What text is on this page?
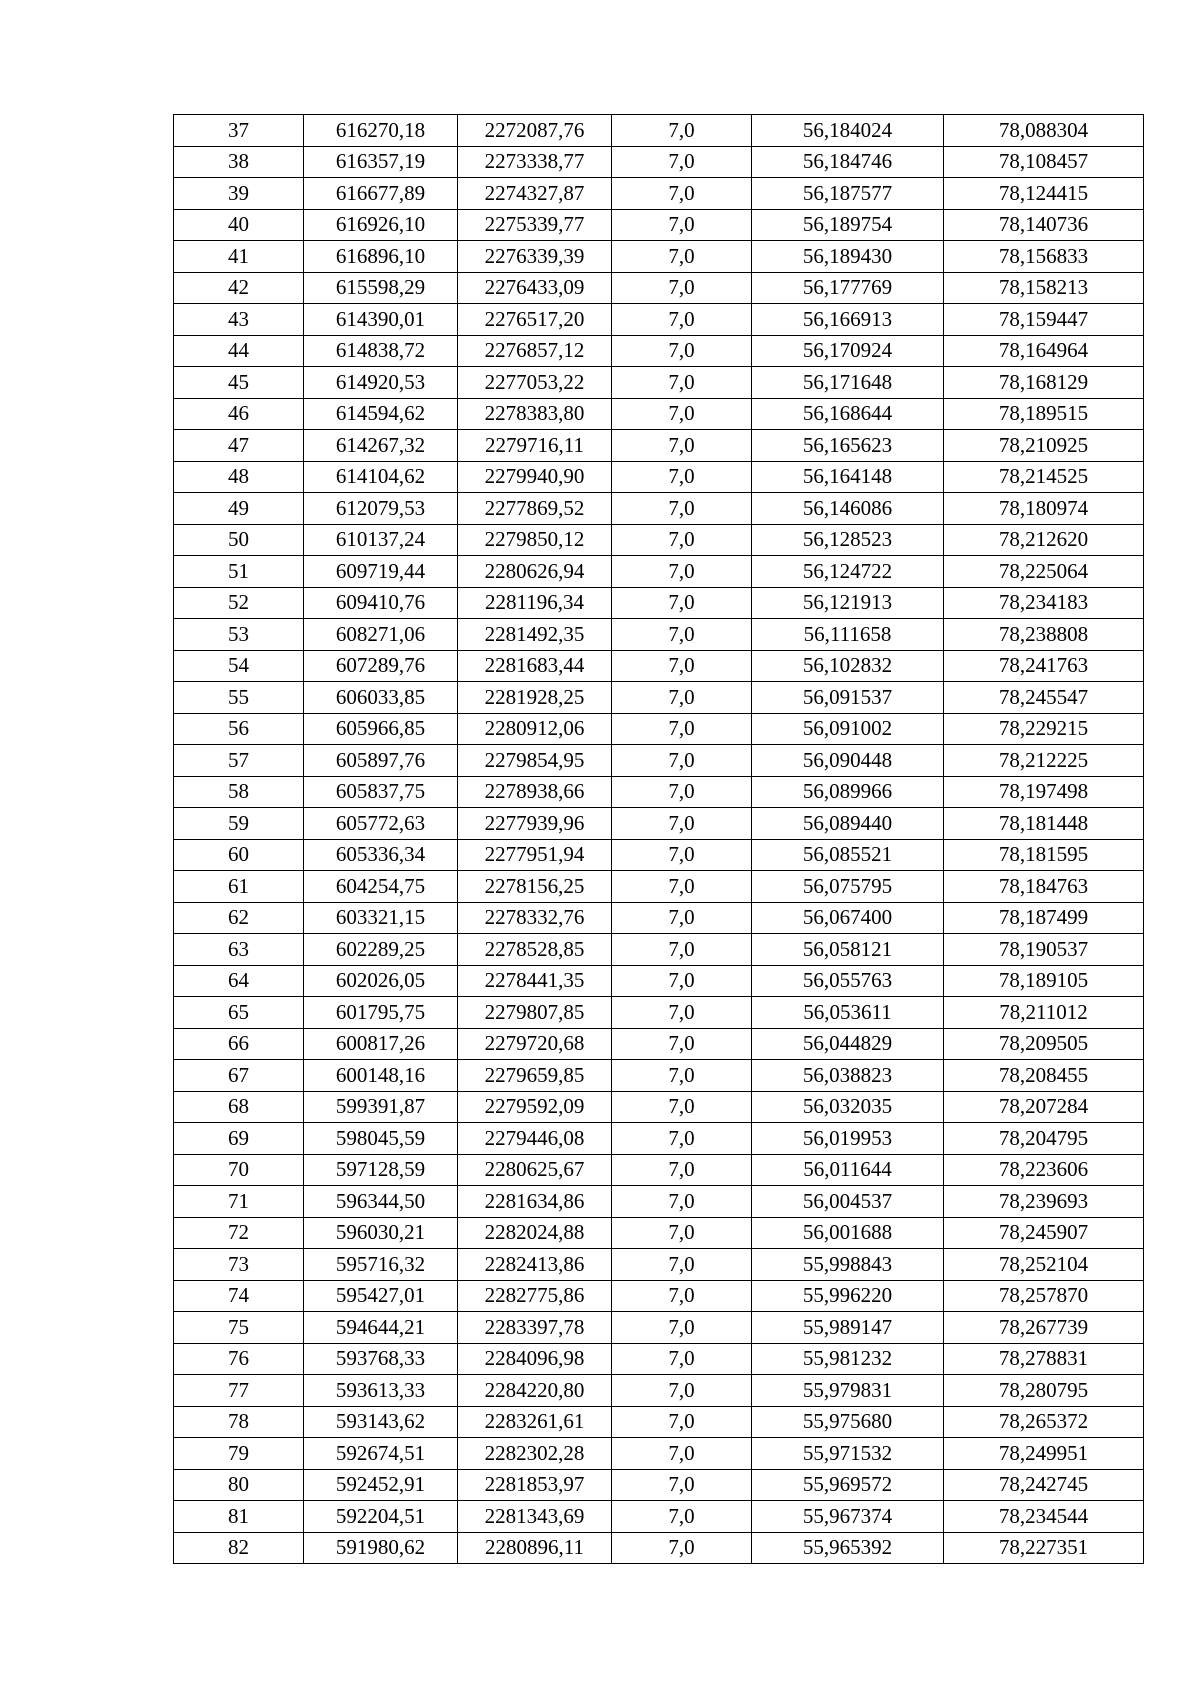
37	616270,18	2272087,76	7,0	56,184024	78,088304
38	616357,19	2273338,77	7,0	56,184746	78,108457
39	616677,89	2274327,87	7,0	56,187577	78,124415
40	616926,10	2275339,77	7,0	56,189754	78,140736
41	616896,10	2276339,39	7,0	56,189430	78,156833
42	615598,29	2276433,09	7,0	56,177769	78,158213
43	614390,01	2276517,20	7,0	56,166913	78,159447
44	614838,72	2276857,12	7,0	56,170924	78,164964
45	614920,53	2277053,22	7,0	56,171648	78,168129
46	614594,62	2278383,80	7,0	56,168644	78,189515
47	614267,32	2279716,11	7,0	56,165623	78,210925
48	614104,62	2279940,90	7,0	56,164148	78,214525
49	612079,53	2277869,52	7,0	56,146086	78,180974
50	610137,24	2279850,12	7,0	56,128523	78,212620
51	609719,44	2280626,94	7,0	56,124722	78,225064
52	609410,76	2281196,34	7,0	56,121913	78,234183
53	608271,06	2281492,35	7,0	56,111658	78,238808
54	607289,76	2281683,44	7,0	56,102832	78,241763
55	606033,85	2281928,25	7,0	56,091537	78,245547
56	605966,85	2280912,06	7,0	56,091002	78,229215
57	605897,76	2279854,95	7,0	56,090448	78,212225
58	605837,75	2278938,66	7,0	56,089966	78,197498
59	605772,63	2277939,96	7,0	56,089440	78,181448
60	605336,34	2277951,94	7,0	56,085521	78,181595
61	604254,75	2278156,25	7,0	56,075795	78,184763
62	603321,15	2278332,76	7,0	56,067400	78,187499
63	602289,25	2278528,85	7,0	56,058121	78,190537
64	602026,05	2278441,35	7,0	56,055763	78,189105
65	601795,75	2279807,85	7,0	56,053611	78,211012
66	600817,26	2279720,68	7,0	56,044829	78,209505
67	600148,16	2279659,85	7,0	56,038823	78,208455
68	599391,87	2279592,09	7,0	56,032035	78,207284
69	598045,59	2279446,08	7,0	56,019953	78,204795
70	597128,59	2280625,67	7,0	56,011644	78,223606
71	596344,50	2281634,86	7,0	56,004537	78,239693
72	596030,21	2282024,88	7,0	56,001688	78,245907
73	595716,32	2282413,86	7,0	55,998843	78,252104
74	595427,01	2282775,86	7,0	55,996220	78,257870
75	594644,21	2283397,78	7,0	55,989147	78,267739
76	593768,33	2284096,98	7,0	55,981232	78,278831
77	593613,33	2284220,80	7,0	55,979831	78,280795
78	593143,62	2283261,61	7,0	55,975680	78,265372
79	592674,51	2282302,28	7,0	55,971532	78,249951
80	592452,91	2281853,97	7,0	55,969572	78,242745
81	592204,51	2281343,69	7,0	55,967374	78,234544
82	591980,62	2280896,11	7,0	55,965392	78,227351
